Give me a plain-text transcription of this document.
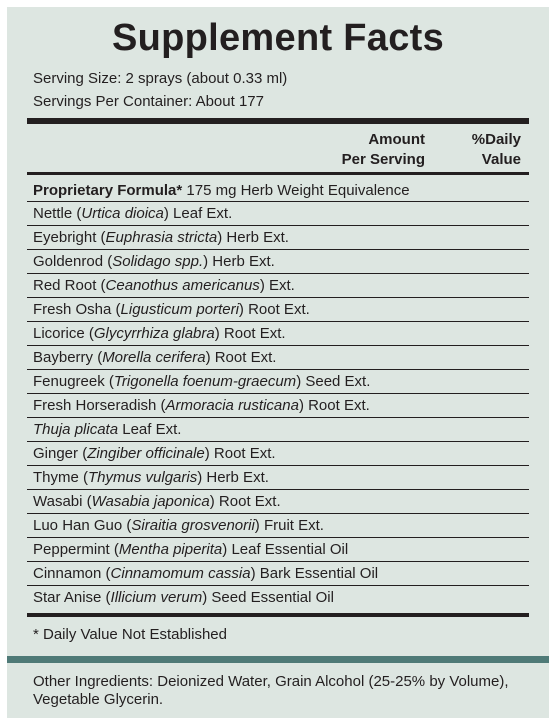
Supplement Facts
Serving Size: 2 sprays (about 0.33 ml)
Servings Per Container: About 177
Amount
Per Serving
%Daily
Value
Proprietary Formula* 175 mg Herb Weight Equivalence
Nettle (Urtica dioica) Leaf Ext.
Eyebright (Euphrasia stricta) Herb Ext.
Goldenrod (Solidago spp.) Herb Ext.
Red Root (Ceanothus americanus) Ext.
Fresh Osha (Ligusticum porteri) Root Ext.
Licorice (Glycyrrhiza glabra) Root Ext.
Bayberry (Morella cerifera) Root Ext.
Fenugreek (Trigonella foenum-graecum) Seed Ext.
Fresh Horseradish (Armoracia rusticana) Root Ext.
Thuja plicata Leaf Ext.
Ginger (Zingiber officinale) Root Ext.
Thyme (Thymus vulgaris) Herb Ext.
Wasabi (Wasabia japonica) Root Ext.
Luo Han Guo (Siraitia grosvenorii) Fruit Ext.
Peppermint (Mentha piperita) Leaf Essential Oil
Cinnamon (Cinnamomum cassia) Bark Essential Oil
Star Anise (Illicium verum) Seed Essential Oil
* Daily Value Not Established
Other Ingredients: Deionized Water, Grain Alcohol (25-25% by Volume), Vegetable Glycerin.
